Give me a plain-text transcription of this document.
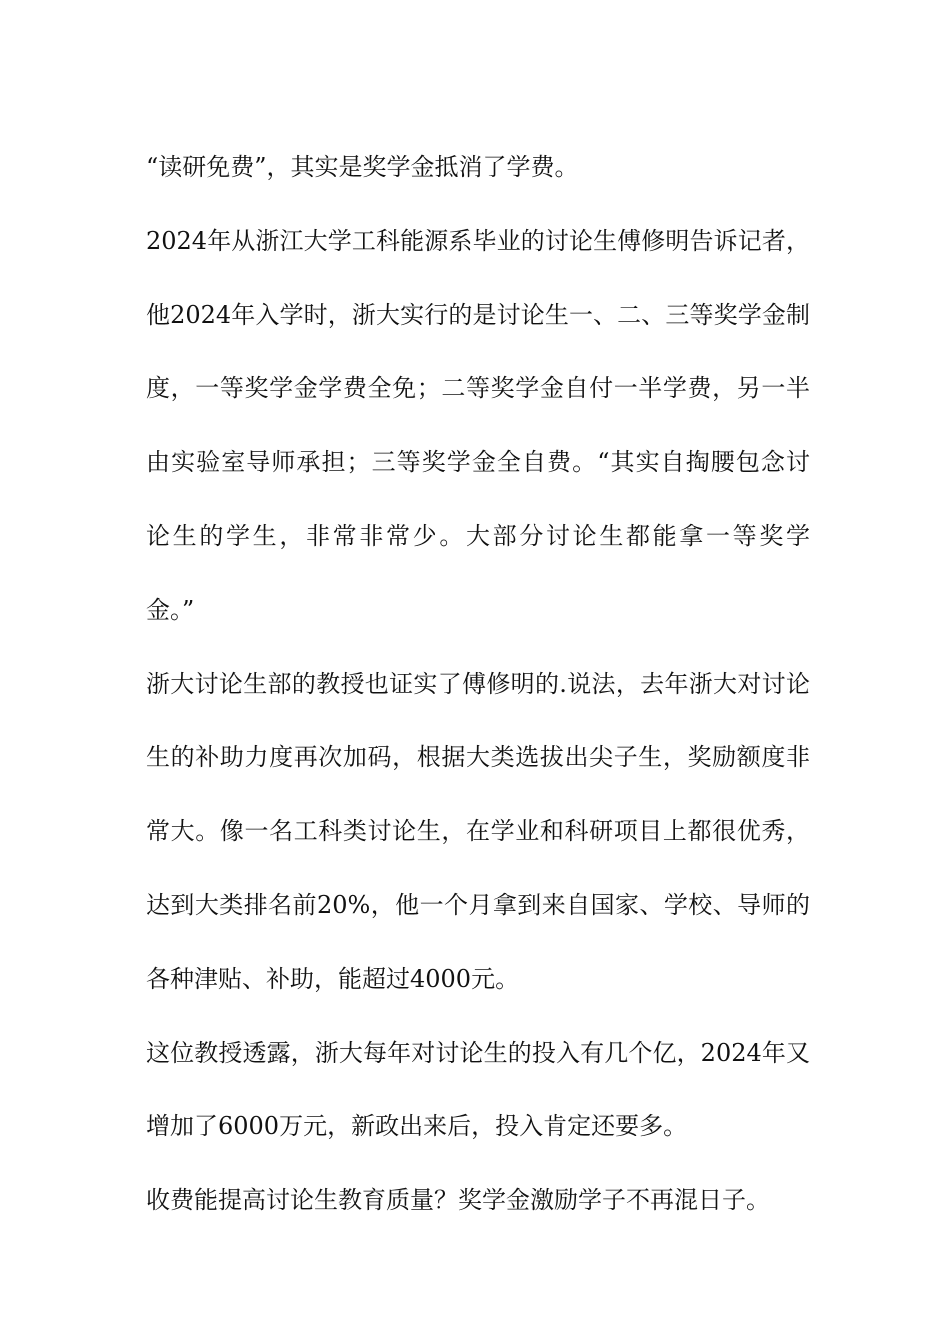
“读研免费”，其实是奖学金抵消了学费。
2024年从浙江大学工科能源系毕业的讨论生傅修明告诉记者，
他2024年入学时，浙大实行的是讨论生一、二、三等奖学金制
度，一等奖学金学费全免；二等奖学金自付一半学费，另一半
由实验室导师承担；三等奖学金全自费。“其实自掏腰包念讨
论生的学生，非常非常少。大部分讨论生都能拿一等奖学
金。”
浙大讨论生部的教授也证实了傅修明的.说法，去年浙大对讨论
生的补助力度再次加码，根据大类选拔出尖子生，奖励额度非
常大。像一名工科类讨论生，在学业和科研项目上都很优秀，
达到大类排名前20%，他一个月拿到来自国家、学校、导师的
各种津贴、补助，能超过4000元。
这位教授透露，浙大每年对讨论生的投入有几个亿，2024年又
增加了6000万元，新政出来后，投入肯定还要多。
收费能提高讨论生教育质量？奖学金激励学子不再混日子。
